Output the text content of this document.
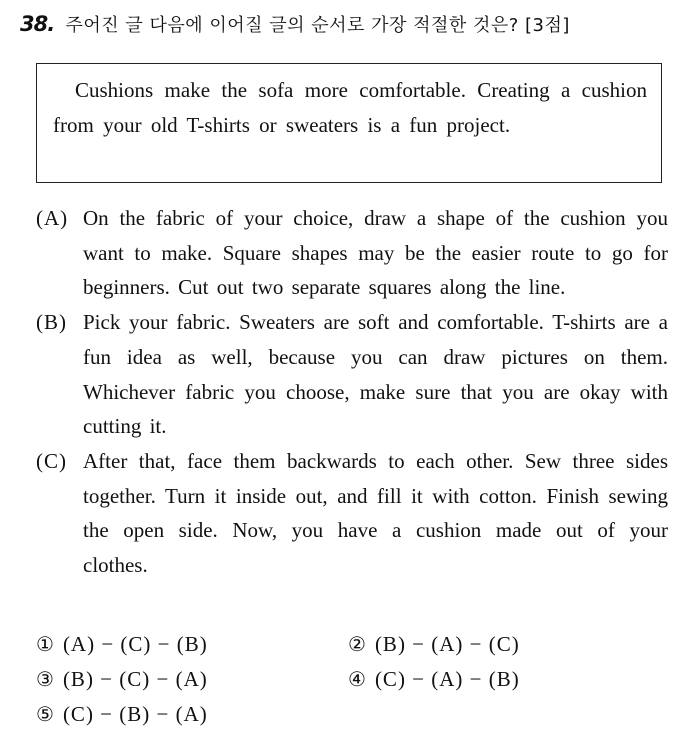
38. 주어진 글 다음에 이어질 글의 순서로 가장 적절한 것은? [3점]
Cushions make the sofa more comfortable. Creating a cushion from your old T-shirts or sweaters is a fun project.
(A) On the fabric of your choice, draw a shape of the cushion you want to make. Square shapes may be the easier route to go for beginners. Cut out two separate squares along the line.
(B) Pick your fabric. Sweaters are soft and comfortable. T-shirts are a fun idea as well, because you can draw pictures on them. Whichever fabric you choose, make sure that you are okay with cutting it.
(C) After that, face them backwards to each other. Sew three sides together. Turn it inside out, and fill it with cotton. Finish sewing the open side. Now, you have a cushion made out of your clothes.
① (A) − (C) − (B)	② (B) − (A) − (C)
③ (B) − (C) − (A)	④ (C) − (A) − (B)
⑤ (C) − (B) − (A)
